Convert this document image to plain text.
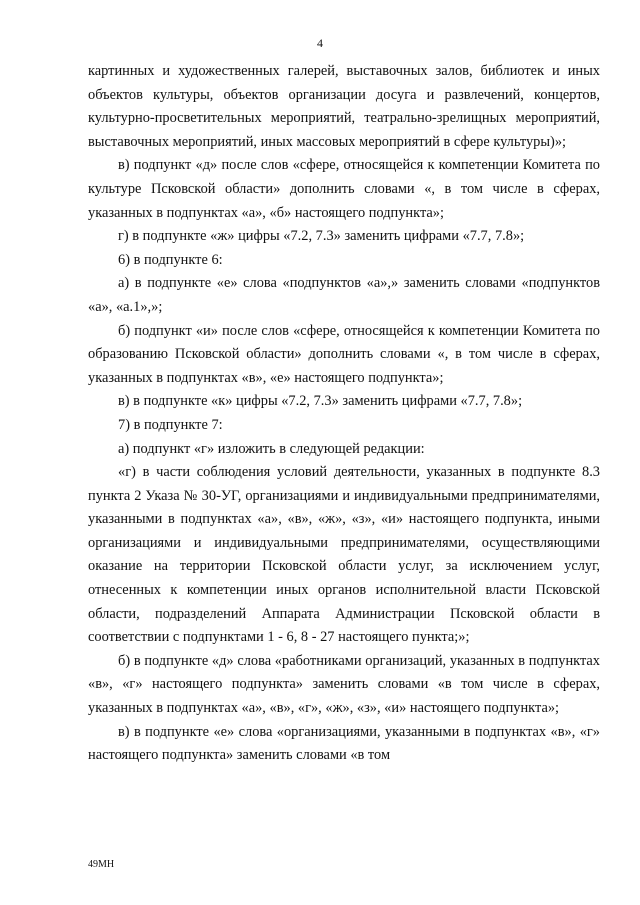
4

картинных и художественных галерей, выставочных залов, библиотек и иных объектов культуры, объектов организации досуга и развлечений, концертов, культурно-просветительных мероприятий, театрально-зрелищных мероприятий, выставочных мероприятий, иных массовых мероприятий в сфере культуры)»;

в) подпункт «д» после слов «сфере, относящейся к компетенции Комитета по культуре Псковской области» дополнить словами «, в том числе в сферах, указанных в подпунктах «а», «б» настоящего подпункта»;

г) в подпункте «ж» цифры «7.2, 7.3» заменить цифрами «7.7, 7.8»;

6) в подпункте 6:

а) в подпункте «е» слова «подпунктов «а»,» заменить словами «подпунктов «а», «а.1»,»;

б) подпункт «и» после слов «сфере, относящейся к компетенции Комитета по образованию Псковской области» дополнить словами «, в том числе в сферах, указанных в подпунктах «в», «е» настоящего подпункта»;

в) в подпункте «к» цифры «7.2, 7.3» заменить цифрами «7.7, 7.8»;

7) в подпункте 7:

а) подпункт «г» изложить в следующей редакции:

«г) в части соблюдения условий деятельности, указанных в подпункте 8.3 пункта 2 Указа № 30-УГ, организациями и индивидуальными предпринимателями, указанными в подпунктах «а», «в», «ж», «з», «и» настоящего подпункта, иными организациями и индивидуальными предпринимателями, осуществляющими оказание на территории Псковской области услуг, за исключением услуг, отнесенных к компетенции иных органов исполнительной власти Псковской области, подразделений Аппарата Администрации Псковской области в соответствии с подпунктами 1 - 6, 8 - 27 настоящего пункта;»;

б) в подпункте «д» слова «работниками организаций, указанных в подпунктах «в», «г» настоящего подпункта» заменить словами «в том числе в сферах, указанных в подпунктах «а», «в», «г», «ж», «з», «и» настоящего подпункта»;

в) в подпункте «е» слова «организациями, указанными в подпунктах «в», «г» настоящего подпункта» заменить словами «в том

49МН
